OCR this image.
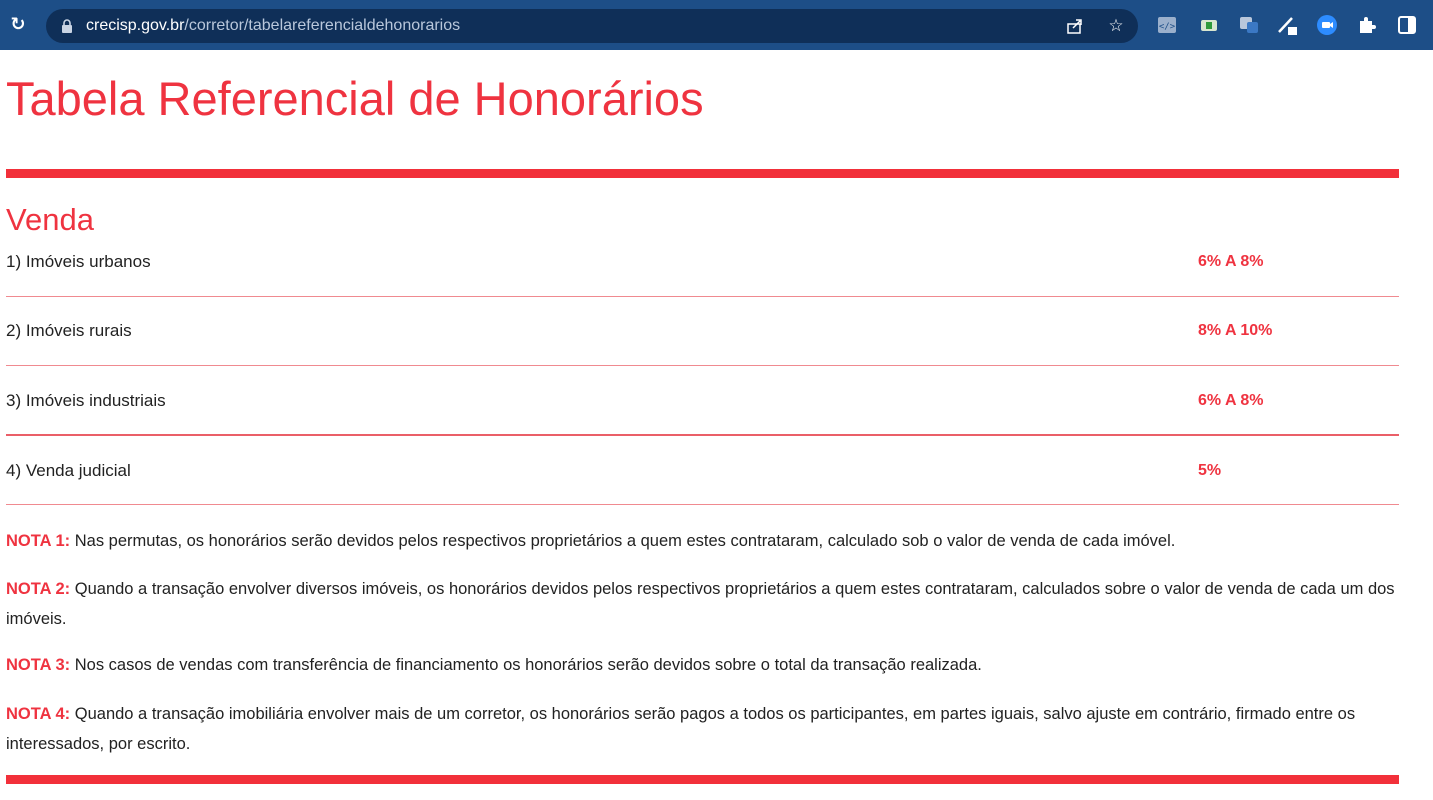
↻	crecisp.gov.br/corretor/tabelareferencialdehonorarios	☆	</>
Tabela Referencial de Honorários
Venda
1) Imóveis urbanos	6% A 8%
2) Imóveis rurais	8% A 10%
3) Imóveis industriais	6% A 8%
4) Venda judicial	5%

NOTA 1: Nas permutas, os honorários serão devidos pelos respectivos proprietários a quem estes contrataram, calculado sob o valor de venda de cada imóvel.

NOTA 2: Quando a transação envolver diversos imóveis, os honorários devidos pelos respectivos proprietários a quem estes contrataram, calculados sobre o valor de venda de cada um dos imóveis.

NOTA 3: Nos casos de vendas com transferência de financiamento os honorários serão devidos sobre o total da transação realizada.

NOTA 4: Quando a transação imobiliária envolver mais de um corretor, os honorários serão pagos a todos os participantes, em partes iguais, salvo ajuste em contrário, firmado entre os interessados, por escrito.
